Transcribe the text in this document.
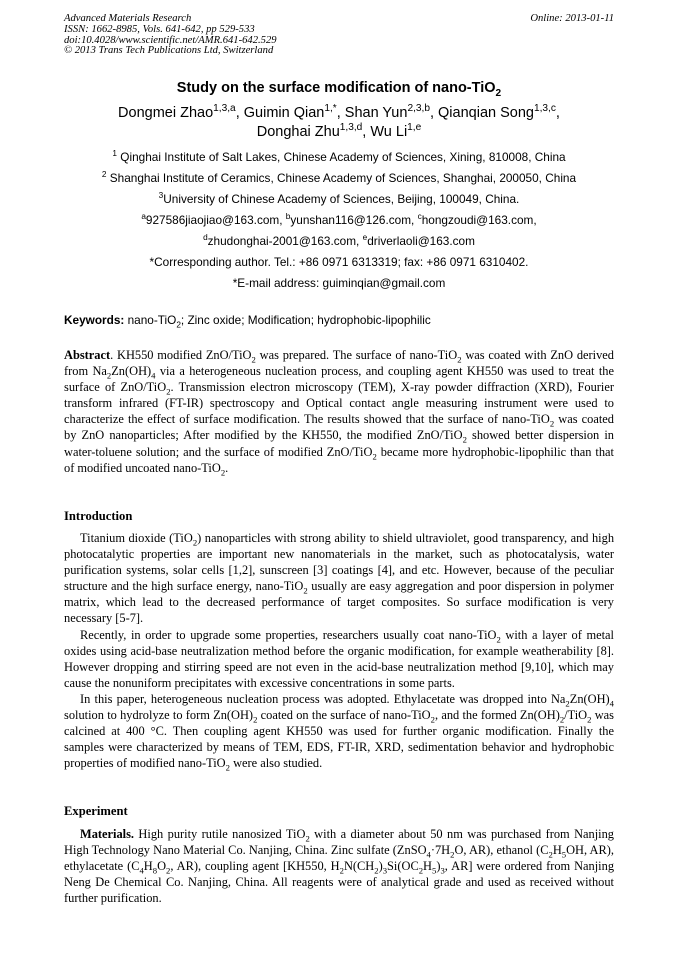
Advanced Materials Research
ISSN: 1662-8985, Vols. 641-642, pp 529-533
doi:10.4028/www.scientific.net/AMR.641-642.529
© 2013 Trans Tech Publications Ltd, Switzerland
Online: 2013-01-11
Study on the surface modification of nano-TiO$_2$
Dongmei Zhao$^{1,3,a}$, Guimin Qian$^{1,*}$, Shan Yun$^{2,3,b}$, Qianqian Song$^{1,3,c}$,
Donghai Zhu$^{1,3,d}$, Wu Li$^{1,e}$
$^1$ Qinghai Institute of Salt Lakes, Chinese Academy of Sciences, Xining, 810008, China
$^2$ Shanghai Institute of Ceramics, Chinese Academy of Sciences, Shanghai, 200050, China
$^3$University of Chinese Academy of Sciences, Beijing, 100049, China.
$^a$927586jiaojiao@163.com, $^b$yunshan116@126.com, $^c$hongzoudi@163.com,
$^d$zhudonghai-2001@163.com, $^e$driverlaoli@163.com
*Corresponding author. Tel.: +86 0971 6313319; fax: +86 0971 6310402.
*E-mail address: guiminqian@gmail.com
Keywords: nano-TiO$_2$; Zinc oxide; Modification; hydrophobic-lipophilic

Abstract. KH550 modified ZnO/TiO$_2$ was prepared. The surface of nano-TiO$_2$ was coated with ZnO derived from $Na_2Zn(OH)_4$ via a heterogeneous nucleation process, and coupling agent KH550 was used to treat the surface of ZnO/TiO$_2$. Transmission electron microscopy (TEM), X-ray powder diffraction (XRD), Fourier transform infrared (FT-IR) spectroscopy and Optical contact angle measuring instrument were used to characterize the effect of surface modification. The results showed that the surface of nano-TiO$_2$ was coated by ZnO nanoparticles; After modified by the KH550, the modified ZnO/TiO$_2$ showed better dispersion in water-toluene solution; and the surface of modified ZnO/TiO$_2$ became more hydrophobic-lipophilic than that of modified uncoated nano-TiO$_2$.

Introduction

Titanium dioxide (TiO$_2$) nanoparticles with strong ability to shield ultraviolet, good transparency, and high photocatalytic properties are important new nanomaterials in the market, such as photocatalysis, water purification systems, solar cells [1,2], sunscreen [3] coatings [4], and etc. However, because of the peculiar structure and the high surface energy, nano-TiO$_2$ usually are easy aggregation and poor dispersion in polymer matrix, which lead to the decreased performance of target composites. So surface modification is very necessary [5-7].

Recently, in order to upgrade some properties, researchers usually coat nano-TiO$_2$ with a layer of metal oxides using acid-base neutralization method before the organic modification, for example weatherability [8]. However dropping and stirring speed are not even in the acid-base neutralization method [9,10], which may cause the nonuniform precipitates with excessive concentrations in some parts.

In this paper, heterogeneous nucleation process was adopted. Ethylacetate was dropped into $Na_2Zn(OH)_4$ solution to hydrolyze to form $Zn(OH)_2$ coated on the surface of nano-TiO$_2$, and the formed $Zn(OH)_2/TiO_2$ was calcined at 400 °C. Then coupling agent KH550 was used for further organic modification. Finally the samples were characterized by means of TEM, EDS, FT-IR, XRD, sedimentation behavior and hydrophobic properties of modified nano-TiO$_2$ were also studied.

Experiment

Materials. High purity rutile nanosized TiO$_2$ with a diameter about 50 nm was purchased from Nanjing High Technology Nano Material Co. Nanjing, China. Zinc sulfate ($ZnSO_4\cdot 7H_2O$, AR), ethanol ($C_2H_5OH$, AR), ethylacetate ($C_4H_8O_2$, AR), coupling agent [KH550, $H_2N(CH_2)_3Si(OC_2H_5)_3$, AR] were ordered from Nanjing Neng De Chemical Co. Nanjing, China. All reagents were of analytical grade and used as received without further purification.
